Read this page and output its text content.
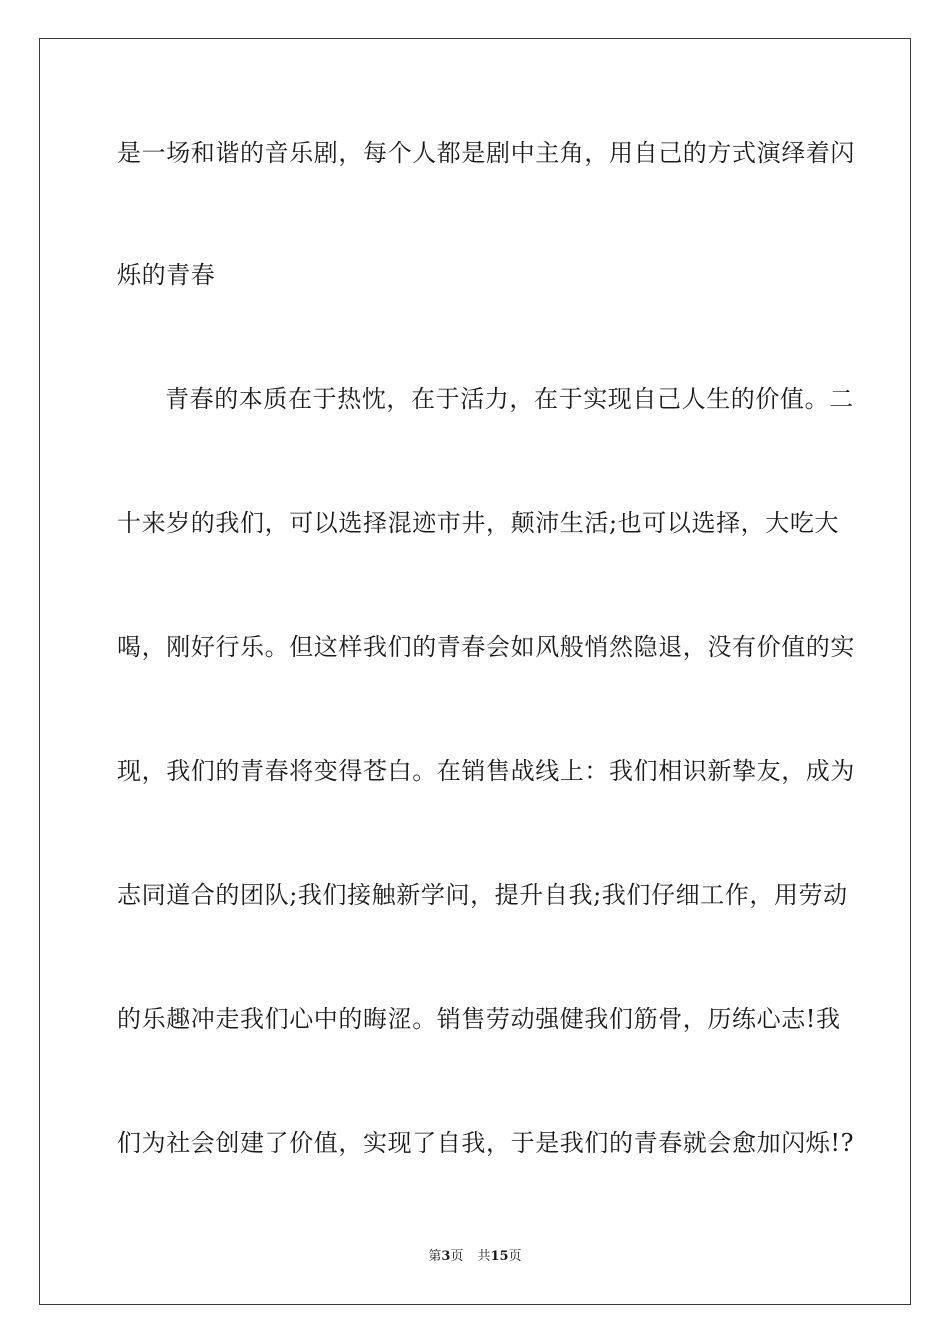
是一场和谐的音乐剧，每个人都是剧中主角，用自己的方式演绎着闪
烁的青春
青春的本质在于热忱，在于活力，在于实现自己人生的价值。二
十来岁的我们，可以选择混迹市井，颠沛生活;也可以选择，大吃大
喝，刚好行乐。但这样我们的青春会如风般悄然隐退，没有价值的实
现，我们的青春将变得苍白。在销售战线上：我们相识新挚友，成为
志同道合的团队;我们接触新学问，提升自我;我们仔细工作，用劳动
的乐趣冲走我们心中的晦涩。销售劳动强健我们筋骨，历练心志!我
们为社会创建了价值，实现了自我，于是我们的青春就会愈加闪烁!?
第3页 共15页
